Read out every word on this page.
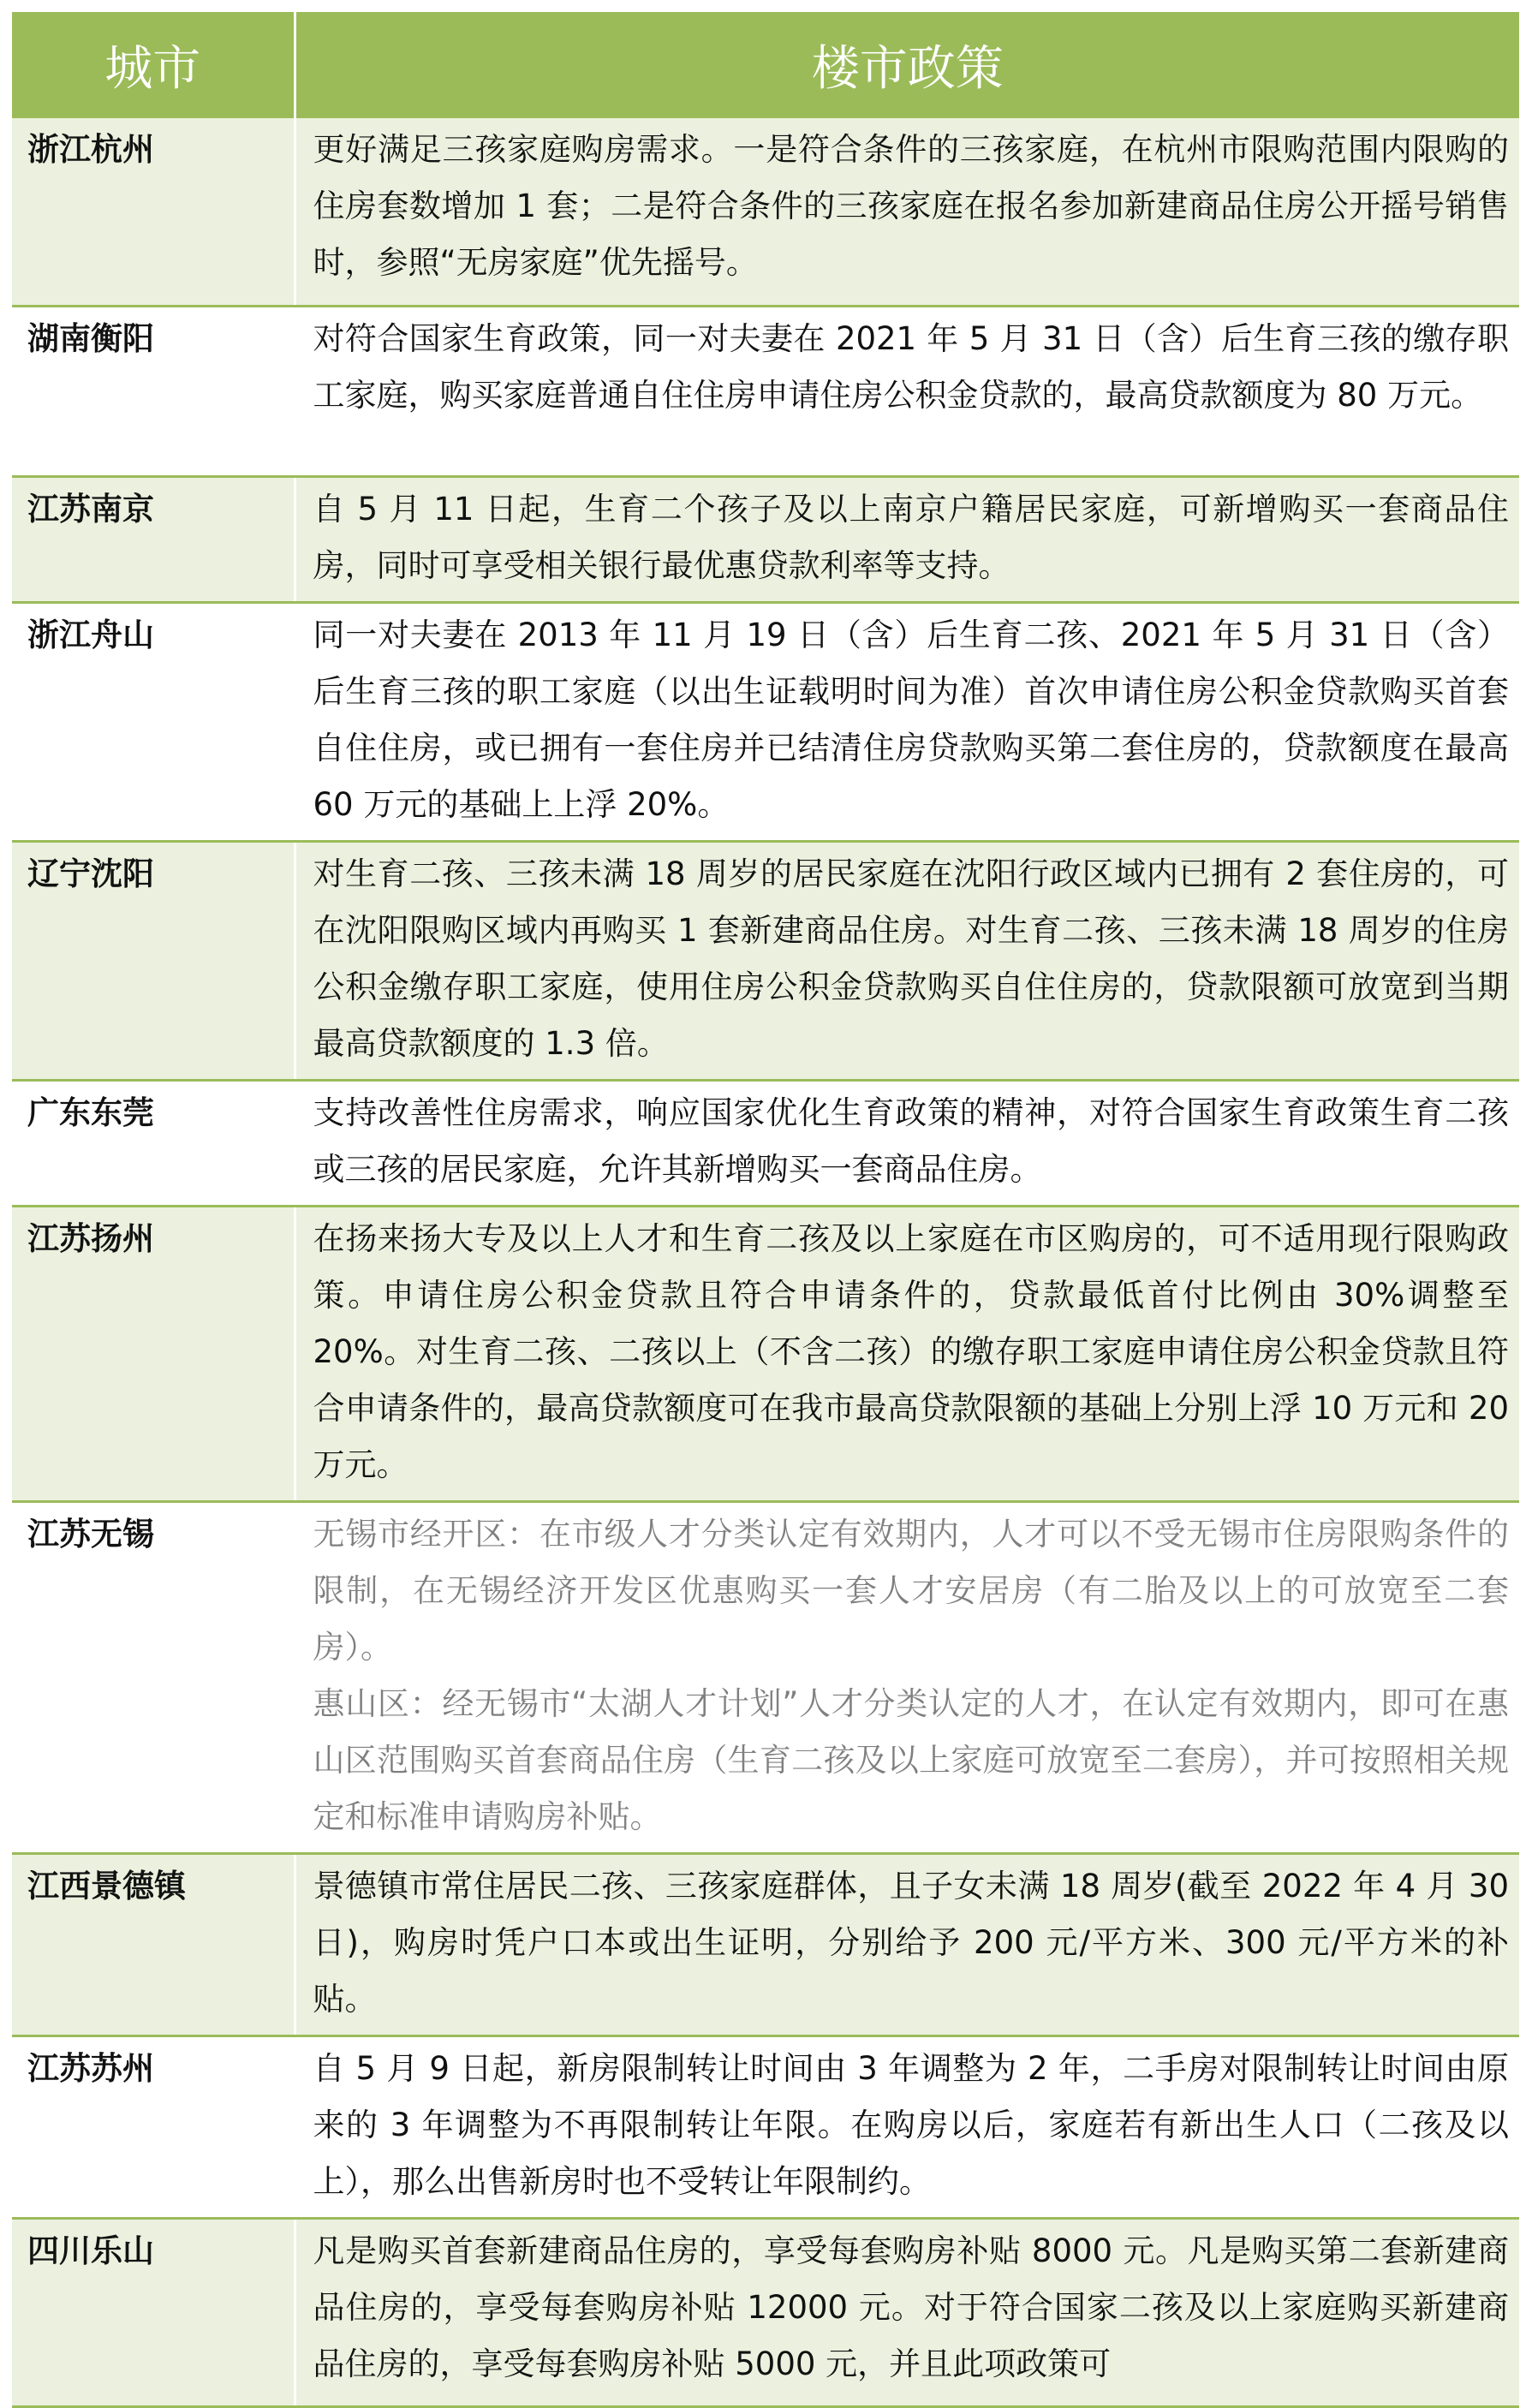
城市	楼市政策
浙江杭州	更好满足三孩家庭购房需求。一是符合条件的三孩家庭，在杭州市限购范围内限购的住房套数增加 1 套；二是符合条件的三孩家庭在报名参加新建商品住房公开摇号销售时，参照“无房家庭”优先摇号。

湖南衡阳	对符合国家生育政策，同一对夫妻在 2021 年 5 月 31 日（含）后生育三孩的缴存职工家庭，购买家庭普通自住住房申请住房公积金贷款的，最高贷款额度为 80 万元。

江苏南京	自 5 月 11 日起，生育二个孩子及以上南京户籍居民家庭，可新增购买一套商品住房，同时可享受相关银行最优惠贷款利率等支持。

浙江舟山	同一对夫妻在 2013 年 11 月 19 日（含）后生育二孩、2021 年 5 月 31 日（含）后生育三孩的职工家庭（以出生证载明时间为准）首次申请住房公积金贷款购买首套自住住房，或已拥有一套住房并已结清住房贷款购买第二套住房的，贷款额度在最高 60 万元的基础上上浮 20%。

辽宁沈阳	对生育二孩、三孩未满 18 周岁的居民家庭在沈阳行政区域内已拥有 2 套住房的，可在沈阳限购区域内再购买 1 套新建商品住房。对生育二孩、三孩未满 18 周岁的住房公积金缴存职工家庭，使用住房公积金贷款购买自住住房的，贷款限额可放宽到当期最高贷款额度的 1.3 倍。

广东东莞	支持改善性住房需求，响应国家优化生育政策的精神，对符合国家生育政策生育二孩或三孩的居民家庭，允许其新增购买一套商品住房。

江苏扬州	在扬来扬大专及以上人才和生育二孩及以上家庭在市区购房的，可不适用现行限购政策。申请住房公积金贷款且符合申请条件的，贷款最低首付比例由 30%调整至 20%。对生育二孩、二孩以上（不含二孩）的缴存职工家庭申请住房公积金贷款且符合申请条件的，最高贷款额度可在我市最高贷款限额的基础上分别上浮 10 万元和 20 万元。

江苏无锡	无锡市经开区：在市级人才分类认定有效期内，人才可以不受无锡市住房限购条件的限制，在无锡经济开发区优惠购买一套人才安居房（有二胎及以上的可放宽至二套房）。
惠山区：经无锡市“太湖人才计划”人才分类认定的人才，在认定有效期内，即可在惠山区范围购买首套商品住房（生育二孩及以上家庭可放宽至二套房），并可按照相关规定和标准申请购房补贴。

江西景德镇	景德镇市常住居民二孩、三孩家庭群体，且子女未满 18 周岁(截至 2022 年 4 月 30 日)，购房时凭户口本或出生证明，分别给予 200 元/平方米、300 元/平方米的补贴。

江苏苏州	自 5 月 9 日起，新房限制转让时间由 3 年调整为 2 年，二手房对限制转让时间由原来的 3 年调整为不再限制转让年限。在购房以后，家庭若有新出生人口（二孩及以上），那么出售新房时也不受转让年限制约。

四川乐山	凡是购买首套新建商品住房的，享受每套购房补贴 8000 元。凡是购买第二套新建商品住房的，享受每套购房补贴 12000 元。对于符合国家二孩及以上家庭购买新建商品住房的，享受每套购房补贴 5000 元，并且此项政策可
